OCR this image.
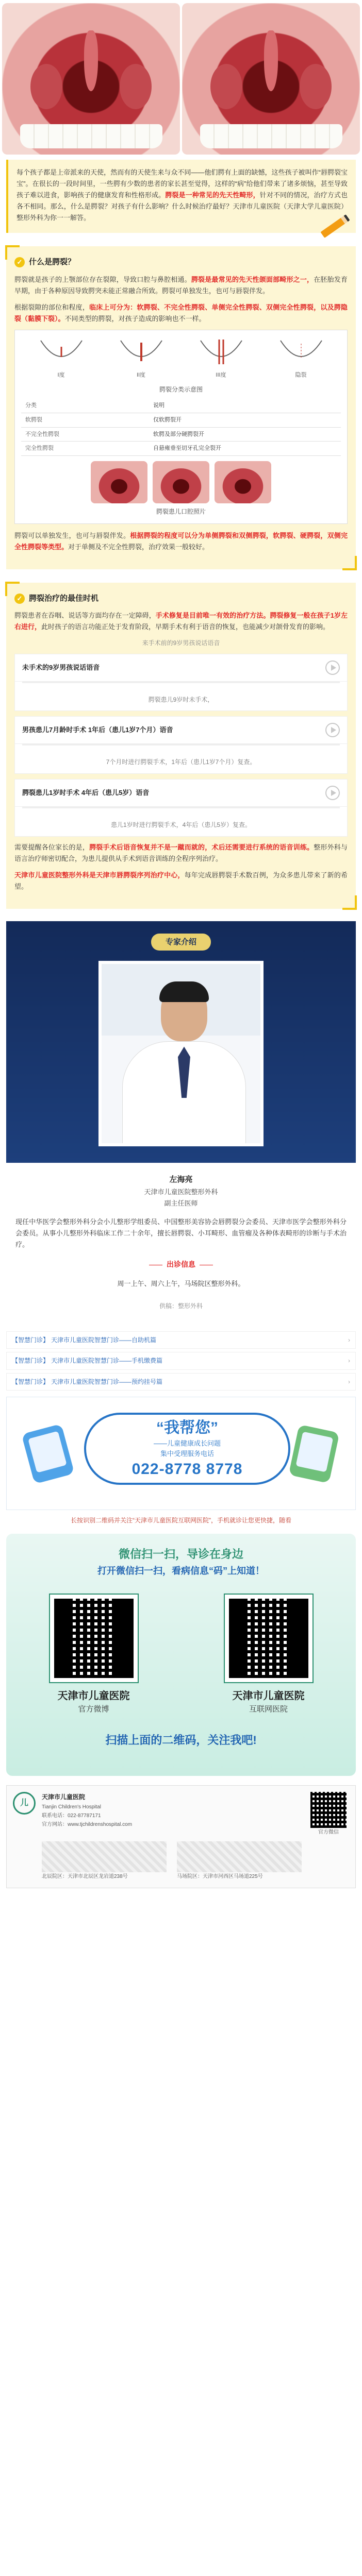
每个孩子都是上帝派来的天使，然而有的天使生来与众不同——他们腭有上面的缺憾，这些孩子被叫作“唇腭裂宝宝”。在很长的一段时间里，一些腭有少数的患者的家长甚至觉得，这样的“病”给他们带来了诸多烦恼，甚至导致孩子难以进食，影响孩子的健康发育和性格形成。腭裂是一种常见的先天性畸形，针对不同的情况，治疗方式也各不相同。那么，什么是腭裂？对孩子有什么影响？什么时候治疗最好？天津市儿童医院（天津大学儿童医院）整形外科为你一一解答。

✓ 什么是腭裂？

腭裂就是孩子的上颚部位存在裂隙，导致口腔与鼻腔相通。腭裂是最常见的先天性颌面部畸形之一，在胚胎发育早期，由于各种原因导致腭突未能正常融合所致。腭裂可单独发生，也可与唇裂伴发。

根据裂隙的部位和程度，临床上可分为：软腭裂、不完全性腭裂、单侧完全性腭裂、双侧完全性腭裂，以及腭隐裂（黏膜下裂）。不同类型的腭裂，对孩子造成的影响也不一样。

I度	II度	III度	隐裂
腭裂分类示意图
分类	说明
软腭裂	仅软腭裂开
不完全性腭裂	软腭及部分硬腭裂开
完全性腭裂	自悬雍垂至切牙孔完全裂开
腭裂患儿口腔照片

腭裂可以单独发生，也可与唇裂伴发。根据腭裂的程度可以分为单侧腭裂和双侧腭裂，软腭裂、硬腭裂，双侧完全性腭裂等类型。对于单侧及不完全性腭裂，治疗效果一般较好。

✓ 腭裂治疗的最佳时机

腭裂患者在吞咽、说话等方面均存在一定障碍，手术修复是目前唯一有效的治疗方法。腭裂修复一般在孩子1岁左右进行，此时孩子的语言功能正处于发育阶段，早期手术有利于语音的恢复，也能减少对颌骨发育的影响。

来手术前的9岁男孩说话语音
未手术的9岁男孩说话语音
腭裂患儿9岁时未手术，
男孩患儿7月龄时手术 1年后（患儿1岁7个月）语音
7个月时进行腭裂手术，1年后（患儿1岁7个月）复查。
腭裂患儿1岁时手术 4年后（患儿5岁）语音
患儿1岁时进行腭裂手术，4年后（患儿5岁）复查。

需要提醒各位家长的是，腭裂手术后语音恢复并不是一蹴而就的，术后还需要进行系统的语音训练。整形外科与语言治疗师密切配合，为患儿提供从手术到语音训练的全程序列治疗。

天津市儿童医院整形外科是天津市唇腭裂序列治疗中心，每年完成唇腭裂手术数百例，为众多患儿带来了新的希望。

专家介绍
左海亮
天津市儿童医院整形外科
副主任医师

现任中华医学会整形外科分会小儿整形学组委员、中国整形美容协会唇腭裂分会委员、天津市医学会整形外科分会委员。从事小儿整形外科临床工作二十余年，擅长唇腭裂、小耳畸形、血管瘤及各种体表畸形的诊断与手术治疗。

出诊信息

周一上午、周六上午，马场院区整形外科。

供稿：整形外科
【智慧门诊】 天津市儿童医院智慧门诊——自助机篇	›
【智慧门诊】 天津市儿童医院智慧门诊——手机缴费篇	›
【智慧门诊】 天津市儿童医院智慧门诊——预约挂号篇	›
“我帮您”
——儿童健康成长问题
集中受理服务电话
022-8778 8778
长按识别二维码并关注“天津市儿童医院互联网医院”，手机就诊让您更快捷，随看
微信扫一扫，导诊在身边
打开微信扫一扫，看病信息“码”上知道！
天津市儿童医院
官方微博
天津市儿童医院
互联网医院
扫描上面的二维码，关注我吧!
儿
天津市儿童医院
Tianjin Children's Hospital
联系电话：022-87787171
官方网站：www.tjchildrenshospital.com
北辰院区：天津市北辰区龙岩道238号	马场院区：天津市河西区马场道225号
官方微信
